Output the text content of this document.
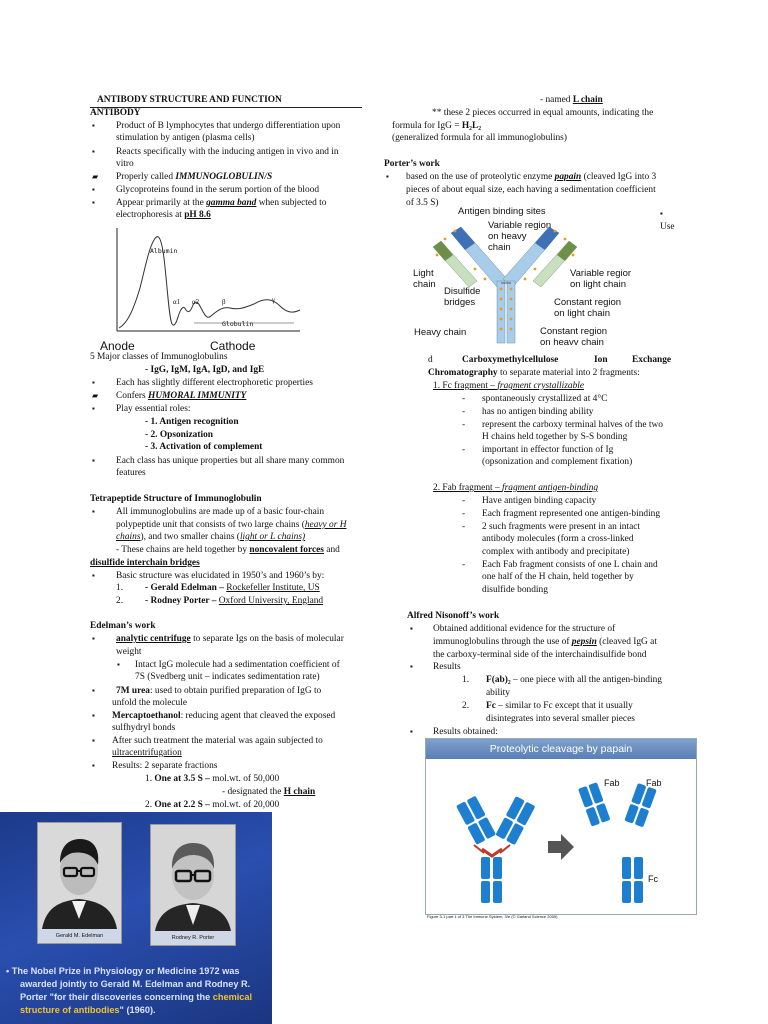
ANTIBODY STRUCTURE AND FUNCTION
ANTIBODY
▪ Product of B lymphocytes that undergo differentiation upon
stimulation by antigen (plasma cells)
▪ Reacts specifically with the inducing antigen in vivo and in
vitro
▰ Properly called IMMUNOGLOBULIN/S
▪ Glycoproteins found in the serum portion of the blood
▪ Appear primarily at the gamma band when subjected to
electrophoresis at pH 8.6
Albumin
α1 α2	β	γ
Globulin
Anode	Cathode
5 Major classes of Immunoglobulins
- IgG, IgM, IgA, IgD, and IgE
▪ Each has slightly different electrophoretic properties
▰ Confers HUMORAL IMMUNITY
▪ Play essential roles:
- 1. Antigen recognition
- 2. Opsonization
- 3. Activation of complement
▪ Each class has unique properties but all share many common
features
Tetrapeptide Structure of Immunoglobulin
▪ All immunoglobulins are made up of a basic four-chain
polypeptide unit that consists of two large chains (heavy or H
chains), and two smaller chains (light or L chains)
- These chains are held together by noncovalent forces and
disulfide interchain bridges
▪ Basic structure was elucidated in 1950’s and 1960’s by:
1. - Gerald Edelman – Rockefeller Institute, US
2. - Rodney Porter – Oxford University, England
Edelman’s work
▪ analytic centrifuge to separate Igs on the basis of molecular
weight
▪ Intact IgG molecule had a sedimentation coefficient of
7S (Svedberg unit – indicates sedimentation rate)
▪ 7M urea: used to obtain purified preparation of IgG to
unfold the molecule
▪ Mercaptoethanol: reducing agent that cleaved the exposed
sulfhydryl bonds
▪ After such treatment the material was again subjected to
ultracentrifugation
▪ Results: 2 separate fractions
1. One at 3.5 S – mol.wt. of 50,000
- designated the H chain
2. One at 2.2 S – mol.wt. of 20,000
Gerald M. Edelman	Rodney R. Porter
• The Nobel Prize in Physiology or Medicine 1972 was
awarded jointly to Gerald M. Edelman and Rodney R.
Porter "for their discoveries concerning the chemical
structure of antibodies" (1960).
- named L chain
** these 2 pieces occurred in equal amounts, indicating the
formula for IgG = H₂L₂
(generalized formula for all immunoglobulins)
Porter’s work
▪ based on the use of proteolytic enzyme papain (cleaved IgG into 3
pieces of about equal size, each having a sedimentation coefficient
of 3.5 S)
▪
Use
Antigen binding sites
Variable region
on heavy
chain
Light
chain
Disulfide
bridges
Heavy chain
Variable regior
on light chain
Constant region
on light chain
Constant region
on heavv chain
d	Carboxymethylcellulose	Ion	Exchange
Chromatography to separate material into 2 fragments:
1. Fc fragment – fragment crystallizable
- spontaneously crystallized at 4°C
- has no antigen binding ability
- represent the carboxy terminal halves of the two
H chains held together by S-S bonding
- important in effector function of Ig
(opsonization and complement fixation)
2. Fab fragment – fragment antigen-binding
- Have antigen binding capacity
- Each fragment represented one antigen-binding
- 2 such fragments were present in an intact
antibody molecules (form a cross-linked
complex with antibody and precipitate)
- Each Fab fragment consists of one L chain and
one half of the H chain, held together by
disulfide bonding
Alfred Nisonoff’s work
▪ Obtained additional evidence for the structure of
immunoglobulins through the use of pepsin (cleaved IgG at
the carboxy-terminal side of the interchaindisulfide bond
▪ Results
1. F(ab)₂ – one piece with all the antigen-binding
ability
2. Fc – similar to Fc except that it usually
disintegrates into several smaller pieces
▪ Results obtained:
Proteolytic cleavage by papain
Fab	Fab
Fc
Figure 3-1 part 1 of 3 The Immune System, 3/e (© Garland Science 2009)
